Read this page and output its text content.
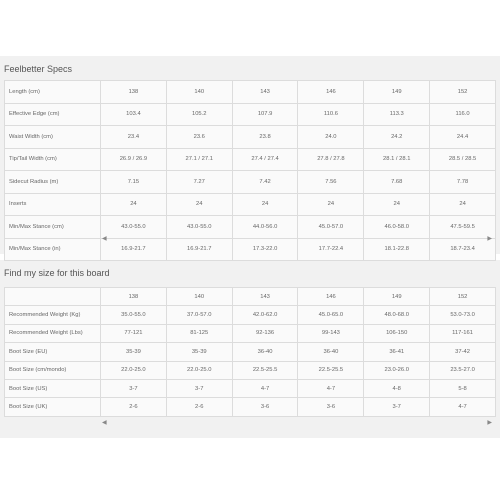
Feelbetter Specs
Length (cm)	138	140	143	146	149	152
Effective Edge (cm)	103.4	105.2	107.9	110.6	113.3	116.0
Waist Width (cm)	23.4	23.6	23.8	24.0	24.2	24.4
Tip/Tail Width (cm)	26.9 / 26.9	27.1 / 27.1	27.4 / 27.4	27.8 / 27.8	28.1 / 28.1	28.5 / 28.5
Sidecut Radius (m)	7.15	7.27	7.42	7.56	7.68	7.78
Inserts	24	24	24	24	24	24
Min/Max Stance (cm)	43.0-55.0	43.0-55.0	44.0-56.0	45.0-57.0	46.0-58.0	47.5-59.5
Min/Max Stance (in)	16.9-21.7	16.9-21.7	17.3-22.0	17.7-22.4	18.1-22.8	18.7-23.4
◀	▶
Find my size for this board
	138	140	143	146	149	152
Recommended Weight (Kg)	35.0-55.0	37.0-57.0	42.0-62.0	45.0-65.0	48.0-68.0	53.0-73.0
Recommended Weight (Lbs)	77-121	81-125	92-136	99-143	106-150	117-161
Boot Size (EU)	35-39	35-39	36-40	36-40	36-41	37-42
Boot Size (cm/mondo)	22.0-25.0	22.0-25.0	22.5-25.5	22.5-25.5	23.0-26.0	23.5-27.0
Boot Size (US)	3-7	3-7	4-7	4-7	4-8	5-8
Boot Size (UK)	2-6	2-6	3-6	3-6	3-7	4-7
◀	▶
